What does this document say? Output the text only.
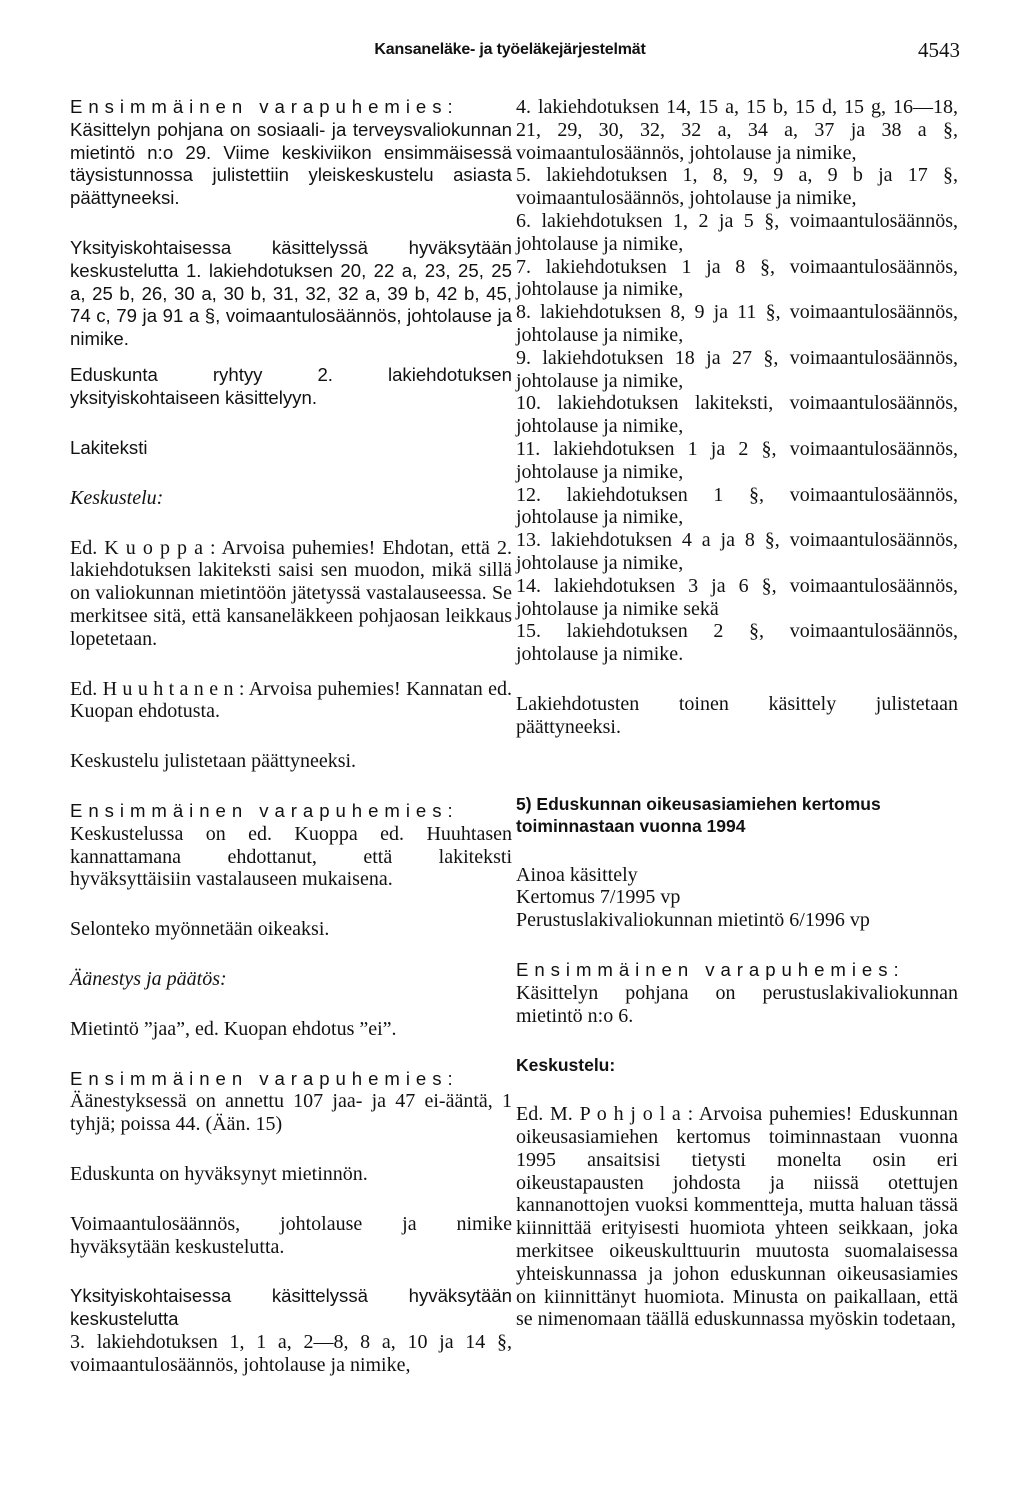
Kansaneläke- ja työeläkejärjestelmät	4543

Ensimmäinen varapuhemies:

Käsittelyn pohjana on sosiaali- ja terveysvaliokunnan mietintö n:o 29. Viime keskiviikon ensimmäisessä täysistunnossa julistettiin yleiskeskustelu asiasta päättyneeksi.

Yksityiskohtaisessa käsittelyssä hyväksytään keskustelutta 1. lakiehdotuksen 20, 22 a, 23, 25, 25 a, 25 b, 26, 30 a, 30 b, 31, 32, 32 a, 39 b, 42 b, 45, 74 c, 79 ja 91 a §, voimaantulosäännös, johtolause ja nimike.

Eduskunta ryhtyy 2. lakiehdotuksen yksityiskohtaiseen käsittelyyn.

Lakiteksti

Keskustelu:

Ed. K u o p p a : Arvoisa puhemies! Ehdotan, että 2. lakiehdotuksen lakiteksti saisi sen muodon, mikä sillä on valiokunnan mietintöön jätetyssä vastalauseessa. Se merkitsee sitä, että kansaneläkkeen pohjaosan leikkaus lopetetaan.

Ed. H u u h t a n e n : Arvoisa puhemies! Kannatan ed. Kuopan ehdotusta.

Keskustelu julistetaan päättyneeksi.

Ensimmäinen varapuhemies:

Keskustelussa on ed. Kuoppa ed. Huuhtasen kannattamana ehdottanut, että lakiteksti hyväksyttäisiin vastalauseen mukaisena.

Selonteko myönnetään oikeaksi.

Äänestys ja päätös:

Mietintö ”jaa”, ed. Kuopan ehdotus ”ei”.

Ensimmäinen varapuhemies:

Äänestyksessä on annettu 107 jaa- ja 47 ei-ääntä, 1 tyhjä; poissa 44. (Ään. 15)

Eduskunta on hyväksynyt mietinnön.

Voimaantulosäännös, johtolause ja nimike hyväksytään keskustelutta.

Yksityiskohtaisessa käsittelyssä hyväksytään keskustelutta

3. lakiehdotuksen 1, 1 a, 2—8, 8 a, 10 ja 14 §, voimaantulosäännös, johtolause ja nimike,

4. lakiehdotuksen 14, 15 a, 15 b, 15 d, 15 g, 16—18, 21, 29, 30, 32, 32 a, 34 a, 37 ja 38 a §, voimaantulosäännös, johtolause ja nimike,

5. lakiehdotuksen 1, 8, 9, 9 a, 9 b ja 17 §, voimaantulosäännös, johtolause ja nimike,

6. lakiehdotuksen 1, 2 ja 5 §, voimaantulosäännös, johtolause ja nimike,

7. lakiehdotuksen 1 ja 8 §, voimaantulosäännös, johtolause ja nimike,

8. lakiehdotuksen 8, 9 ja 11 §, voimaantulosäännös, johtolause ja nimike,

9. lakiehdotuksen 18 ja 27 §, voimaantulosäännös, johtolause ja nimike,

10. lakiehdotuksen lakiteksti, voimaantulosäännös, johtolause ja nimike,

11. lakiehdotuksen 1 ja 2 §, voimaantulosäännös, johtolause ja nimike,

12. lakiehdotuksen 1 §, voimaantulosäännös, johtolause ja nimike,

13. lakiehdotuksen 4 a ja 8 §, voimaantulosäännös, johtolause ja nimike,

14. lakiehdotuksen 3 ja 6 §, voimaantulosäännös, johtolause ja nimike sekä

15. lakiehdotuksen 2 §, voimaantulosäännös, johtolause ja nimike.

Lakiehdotusten toinen käsittely julistetaan päättyneeksi.

5) Eduskunnan oikeusasiamiehen kertomus toiminnastaan vuonna 1994

Ainoa käsittely

Kertomus 7/1995 vp

Perustuslakivaliokunnan mietintö 6/1996 vp

Ensimmäinen varapuhemies:

Käsittelyn pohjana on perustuslakivaliokunnan mietintö n:o 6.

Keskustelu:

Ed. M. P o h j o l a : Arvoisa puhemies! Eduskunnan oikeusasiamiehen kertomus toiminnastaan vuonna 1995 ansaitsisi tietysti monelta osin eri oikeustapausten johdosta ja niissä otettujen kannanottojen vuoksi kommentteja, mutta haluan tässä kiinnittää erityisesti huomiota yhteen seikkaan, joka merkitsee oikeuskulttuurin muutosta suomalaisessa yhteiskunnassa ja johon eduskunnan oikeusasiamies on kiinnittänyt huomiota. Minusta on paikallaan, että se nimenomaan täällä eduskunnassa myöskin todetaan,
